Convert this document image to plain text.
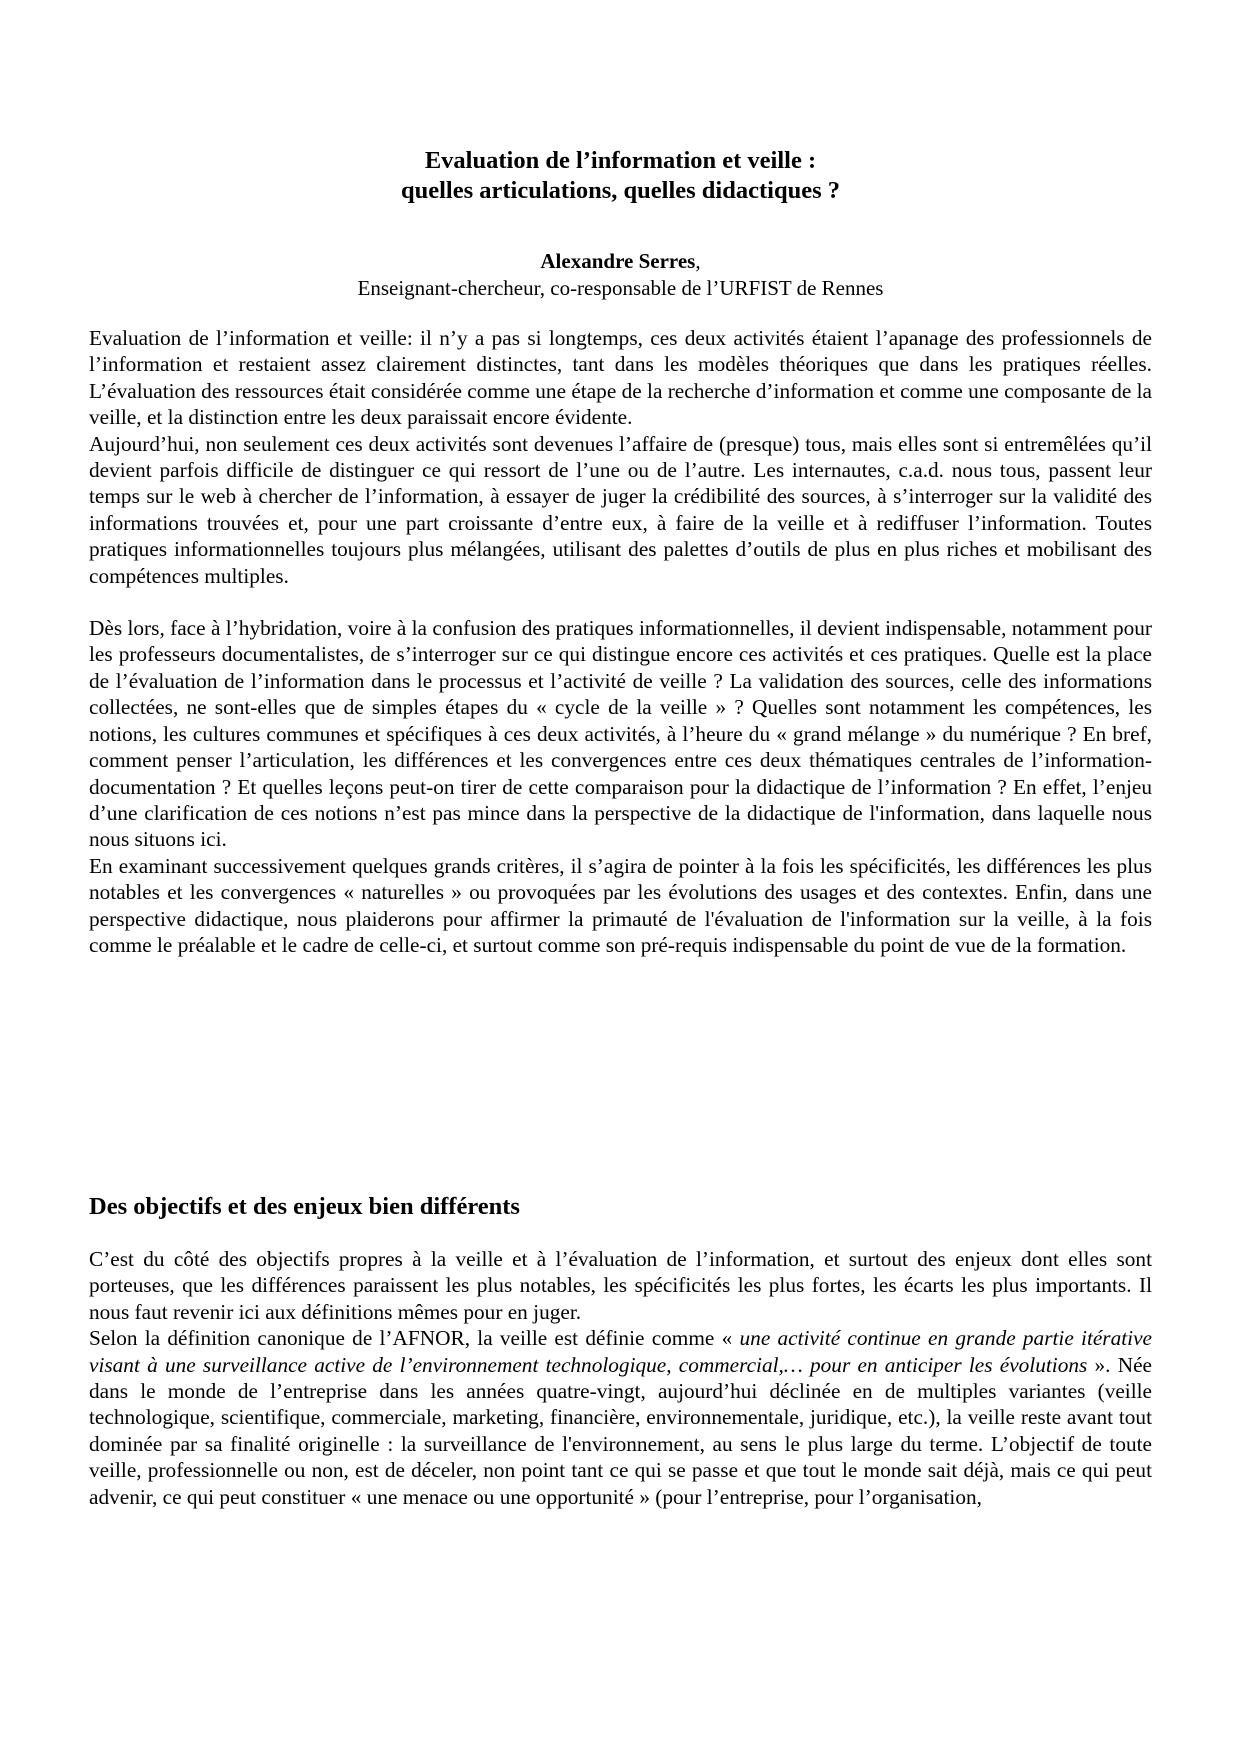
Evaluation de l’information et veille :
quelles articulations, quelles didactiques ?
Alexandre Serres,
Enseignant-chercheur, co-responsable de l’URFIST de Rennes

Evaluation de l’information et veille: il n’y a pas si longtemps, ces deux activités étaient l’apanage des professionnels de l’information et restaient assez clairement distinctes, tant dans les modèles théoriques que dans les pratiques réelles. L’évaluation des ressources était considérée comme une étape de la recherche d’information et comme une composante de la veille, et la distinction entre les deux paraissait encore évidente.

Aujourd’hui, non seulement ces deux activités sont devenues l’affaire de (presque) tous, mais elles sont si entremêlées qu’il devient parfois difficile de distinguer ce qui ressort de l’une ou de l’autre. Les internautes, c.a.d. nous tous, passent leur temps sur le web à chercher de l’information, à essayer de juger la crédibilité des sources, à s’interroger sur la validité des informations trouvées et, pour une part croissante d’entre eux, à faire de la veille et à rediffuser l’information. Toutes pratiques informationnelles toujours plus mélangées, utilisant des palettes d’outils de plus en plus riches et mobilisant des compétences multiples.

Dès lors, face à l’hybridation, voire à la confusion des pratiques informationnelles, il devient indispensable, notamment pour les professeurs documentalistes, de s’interroger sur ce qui distingue encore ces activités et ces pratiques. Quelle est la place de l’évaluation de l’information dans le processus et l’activité de veille ? La validation des sources, celle des informations collectées, ne sont-elles que de simples étapes du « cycle de la veille » ? Quelles sont notamment les compétences, les notions, les cultures communes et spécifiques à ces deux activités, à l’heure du « grand mélange » du numérique ? En bref, comment penser l’articulation, les différences et les convergences entre ces deux thématiques centrales de l’information-documentation ? Et quelles leçons peut-on tirer de cette comparaison pour la didactique de l’information ? En effet, l’enjeu d’une clarification de ces notions n’est pas mince dans la perspective de la didactique de l'information, dans laquelle nous nous situons ici.

En examinant successivement quelques grands critères, il s’agira de pointer à la fois les spécificités, les différences les plus notables et les convergences « naturelles » ou provoquées par les évolutions des usages et des contextes. Enfin, dans une perspective didactique, nous plaiderons pour affirmer la primauté de l'évaluation de l'information sur la veille, à la fois comme le préalable et le cadre de celle-ci, et surtout comme son pré-requis indispensable du point de vue de la formation.

Des objectifs et des enjeux bien différents

C’est du côté des objectifs propres à la veille et à l’évaluation de l’information, et surtout des enjeux dont elles sont porteuses, que les différences paraissent les plus notables, les spécificités les plus fortes, les écarts les plus importants. Il nous faut revenir ici aux définitions mêmes pour en juger.

Selon la définition canonique de l’AFNOR, la veille est définie comme « une activité continue en grande partie itérative visant à une surveillance active de l’environnement technologique, commercial,… pour en anticiper les évolutions ». Née dans le monde de l’entreprise dans les années quatre-vingt, aujourd’hui déclinée en de multiples variantes (veille technologique, scientifique, commerciale, marketing, financière, environnementale, juridique, etc.), la veille reste avant tout dominée par sa finalité originelle : la surveillance de l'environnement, au sens le plus large du terme. L’objectif de toute veille, professionnelle ou non, est de déceler, non point tant ce qui se passe et que tout le monde sait déjà, mais ce qui peut advenir, ce qui peut constituer « une menace ou une opportunité » (pour l’entreprise, pour l’organisation,
